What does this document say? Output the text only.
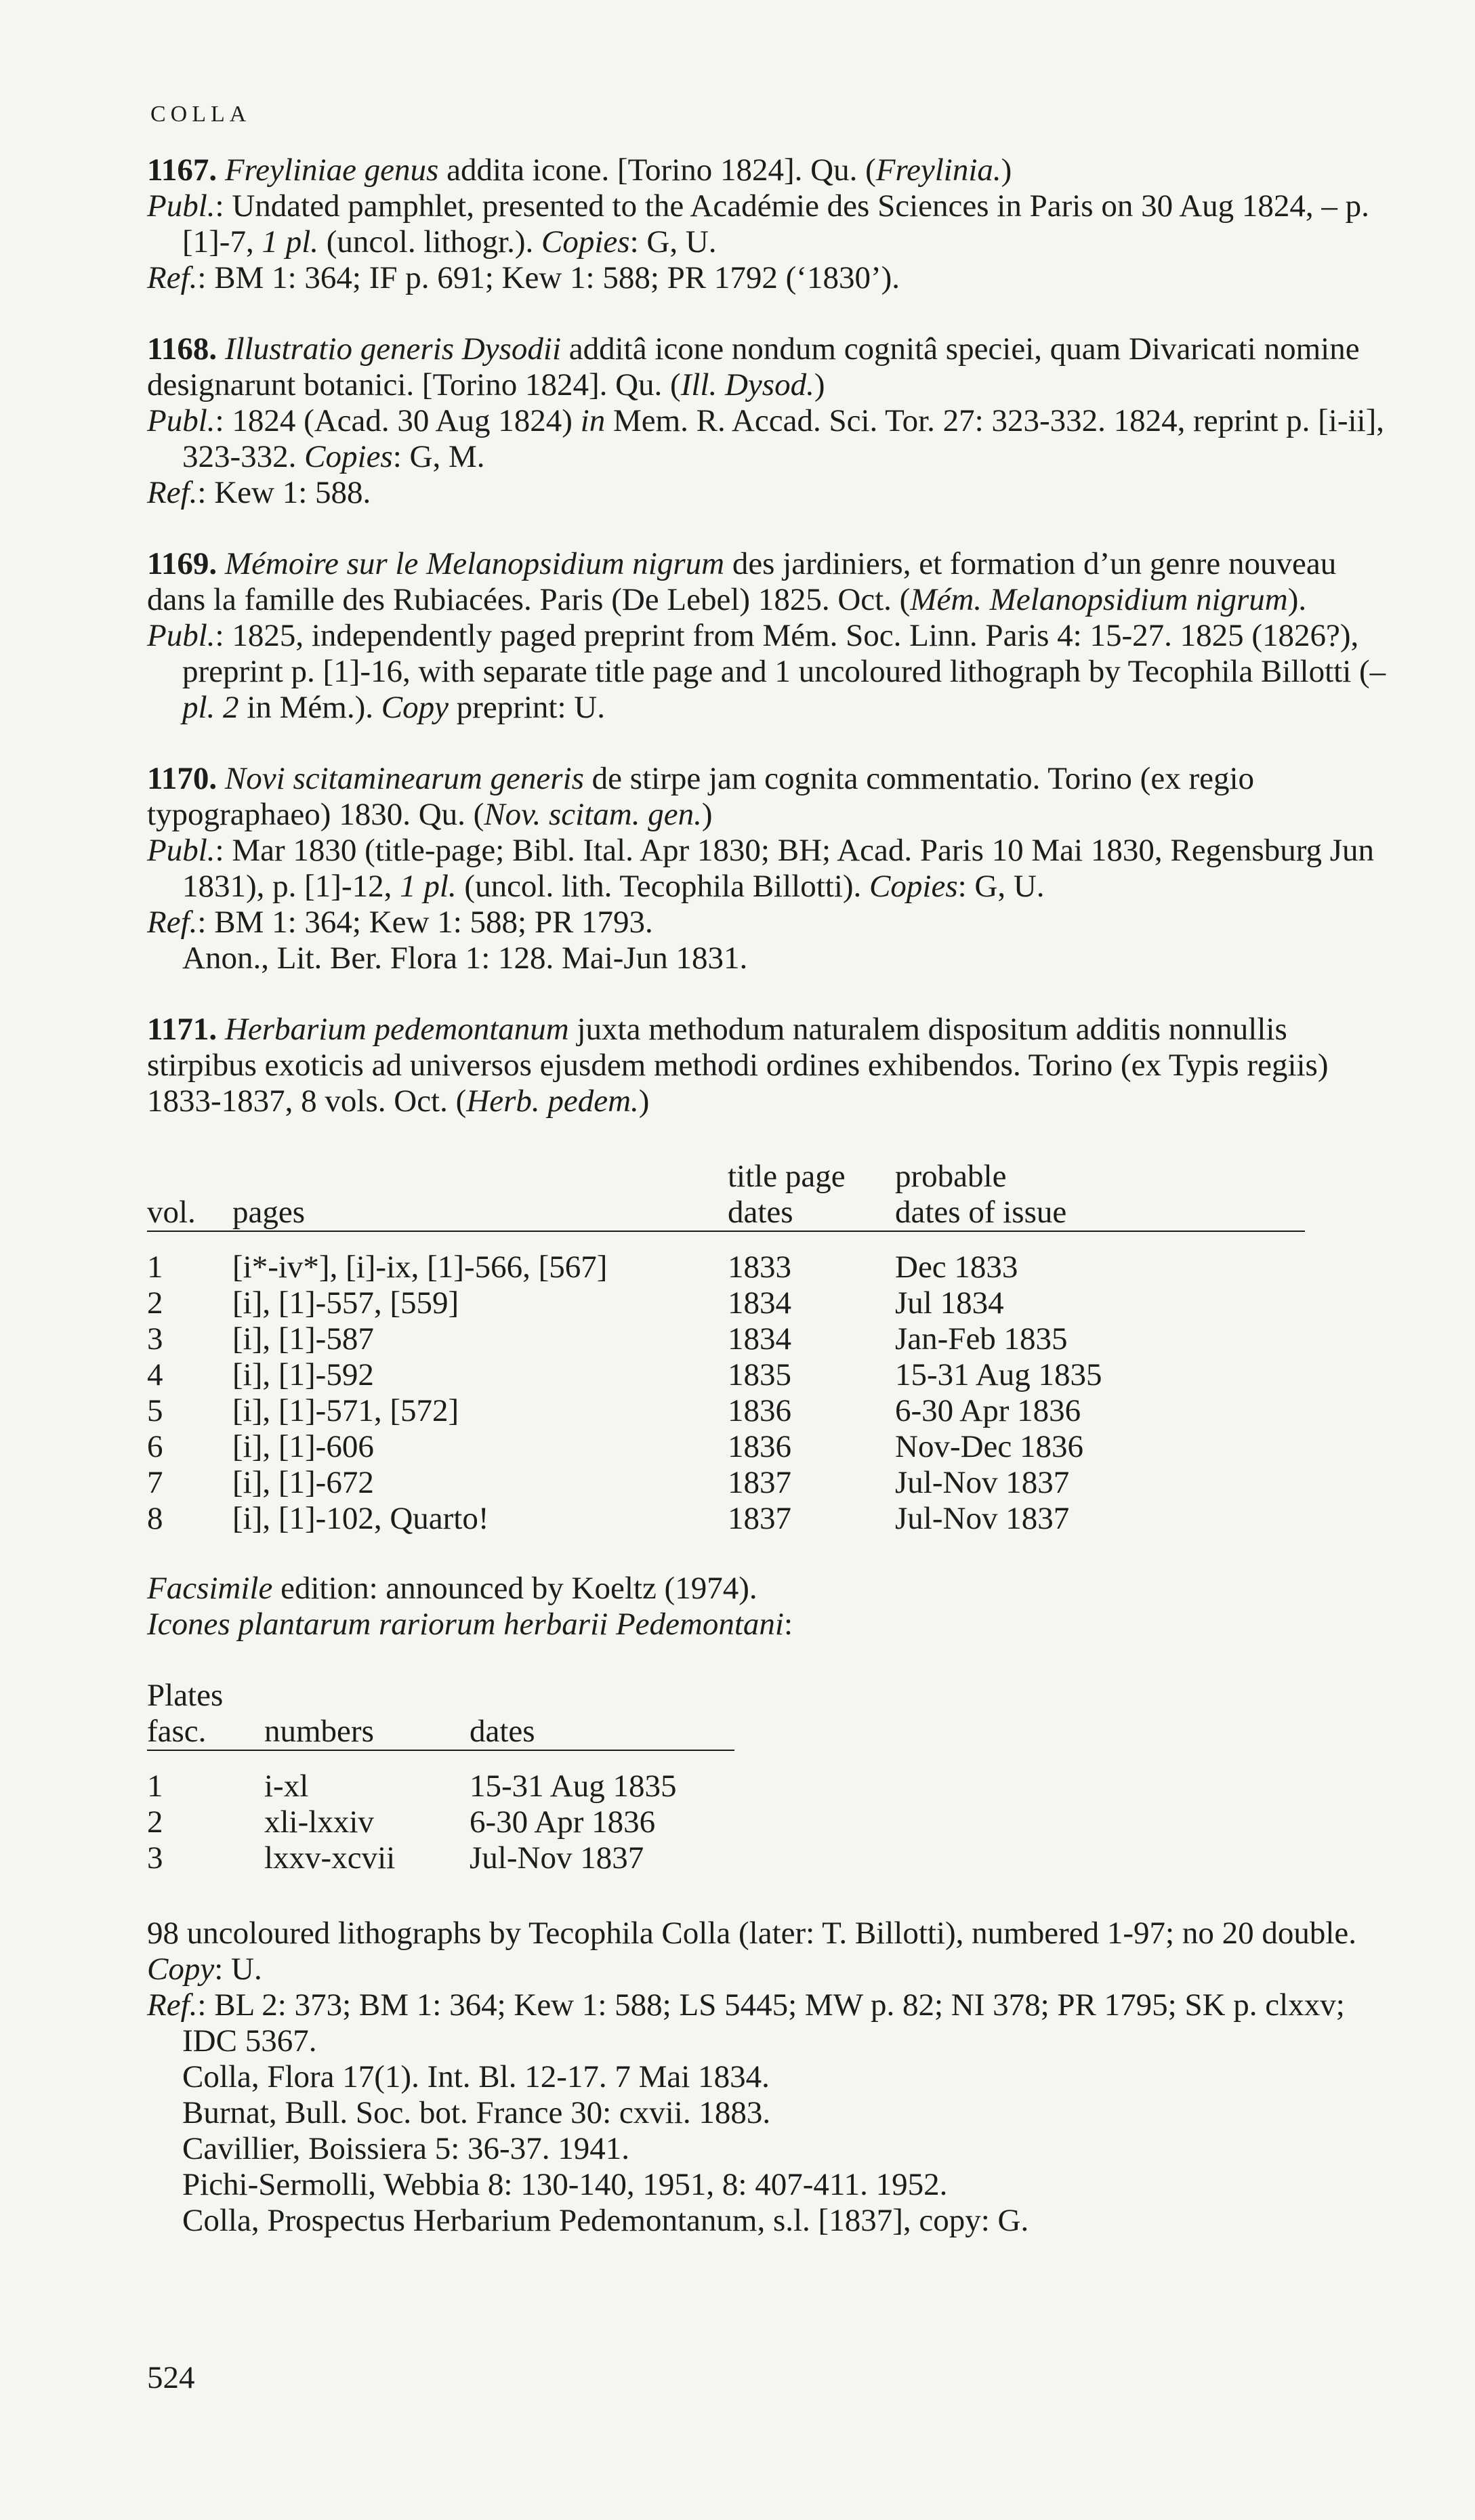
COLLA

1167. Freyliniae genus addita icone. [Torino 1824]. Qu. (Freylinia.)

Publ.: Undated pamphlet, presented to the Académie des Sciences in Paris on 30 Aug 1824, – p. [1]-7, 1 pl. (uncol. lithogr.). Copies: G, U.

Ref.: BM 1: 364; IF p. 691; Kew 1: 588; PR 1792 (‘1830’).

1168. Illustratio generis Dysodii additâ icone nondum cognitâ speciei, quam Divaricati nomine designarunt botanici. [Torino 1824]. Qu. (Ill. Dysod.)

Publ.: 1824 (Acad. 30 Aug 1824) in Mem. R. Accad. Sci. Tor. 27: 323-332. 1824, reprint p. [i-ii], 323-332. Copies: G, M.

Ref.: Kew 1: 588.

1169. Mémoire sur le Melanopsidium nigrum des jardiniers, et formation d’un genre nouveau dans la famille des Rubiacées. Paris (De Lebel) 1825. Oct. (Mém. Melanopsidium nigrum).

Publ.: 1825, independently paged preprint from Mém. Soc. Linn. Paris 4: 15-27. 1825 (1826?), preprint p. [1]-16, with separate title page and 1 uncoloured lithograph by Tecophila Billotti (– pl. 2 in Mém.). Copy preprint: U.

1170. Novi scitaminearum generis de stirpe jam cognita commentatio. Torino (ex regio typographaeo) 1830. Qu. (Nov. scitam. gen.)

Publ.: Mar 1830 (title-page; Bibl. Ital. Apr 1830; BH; Acad. Paris 10 Mai 1830, Regensburg Jun 1831), p. [1]-12, 1 pl. (uncol. lith. Tecophila Billotti). Copies: G, U.

Ref.: BM 1: 364; Kew 1: 588; PR 1793.

Anon., Lit. Ber. Flora 1: 128. Mai-Jun 1831.

1171. Herbarium pedemontanum juxta methodum naturalem dispositum additis nonnullis stirpibus exoticis ad universos ejusdem methodi ordines exhibendos. Torino (ex Typis regiis) 1833-1837, 8 vols. Oct. (Herb. pedem.)

		title page	probable
vol.	pages	dates	dates of issue

1	[i*-iv*], [i]-ix, [1]-566, [567]	1833	Dec 1833
2	[i], [1]-557, [559]	1834	Jul 1834
3	[i], [1]-587	1834	Jan-Feb 1835
4	[i], [1]-592	1835	15-31 Aug 1835
5	[i], [1]-571, [572]	1836	6-30 Apr 1836
6	[i], [1]-606	1836	Nov-Dec 1836
7	[i], [1]-672	1837	Jul-Nov 1837
8	[i], [1]-102, Quarto!	1837	Jul-Nov 1837

Facsimile edition: announced by Koeltz (1974).

Icones plantarum rariorum herbarii Pedemontani:

Plates		
fasc.	numbers	dates

1	i-xl	15-31 Aug 1835
2	xli-lxxiv	6-30 Apr 1836
3	lxxv-xcvii	Jul-Nov 1837

98 uncoloured lithographs by Tecophila Colla (later: T. Billotti), numbered 1-97; no 20 double. Copy: U.

Ref.: BL 2: 373; BM 1: 364; Kew 1: 588; LS 5445; MW p. 82; NI 378; PR 1795; SK p. clxxv; IDC 5367.

Colla, Flora 17(1). Int. Bl. 12-17. 7 Mai 1834.

Burnat, Bull. Soc. bot. France 30: cxvii. 1883.

Cavillier, Boissiera 5: 36-37. 1941.

Pichi-Sermolli, Webbia 8: 130-140, 1951, 8: 407-411. 1952.

Colla, Prospectus Herbarium Pedemontanum, s.l. [1837], copy: G.

524
